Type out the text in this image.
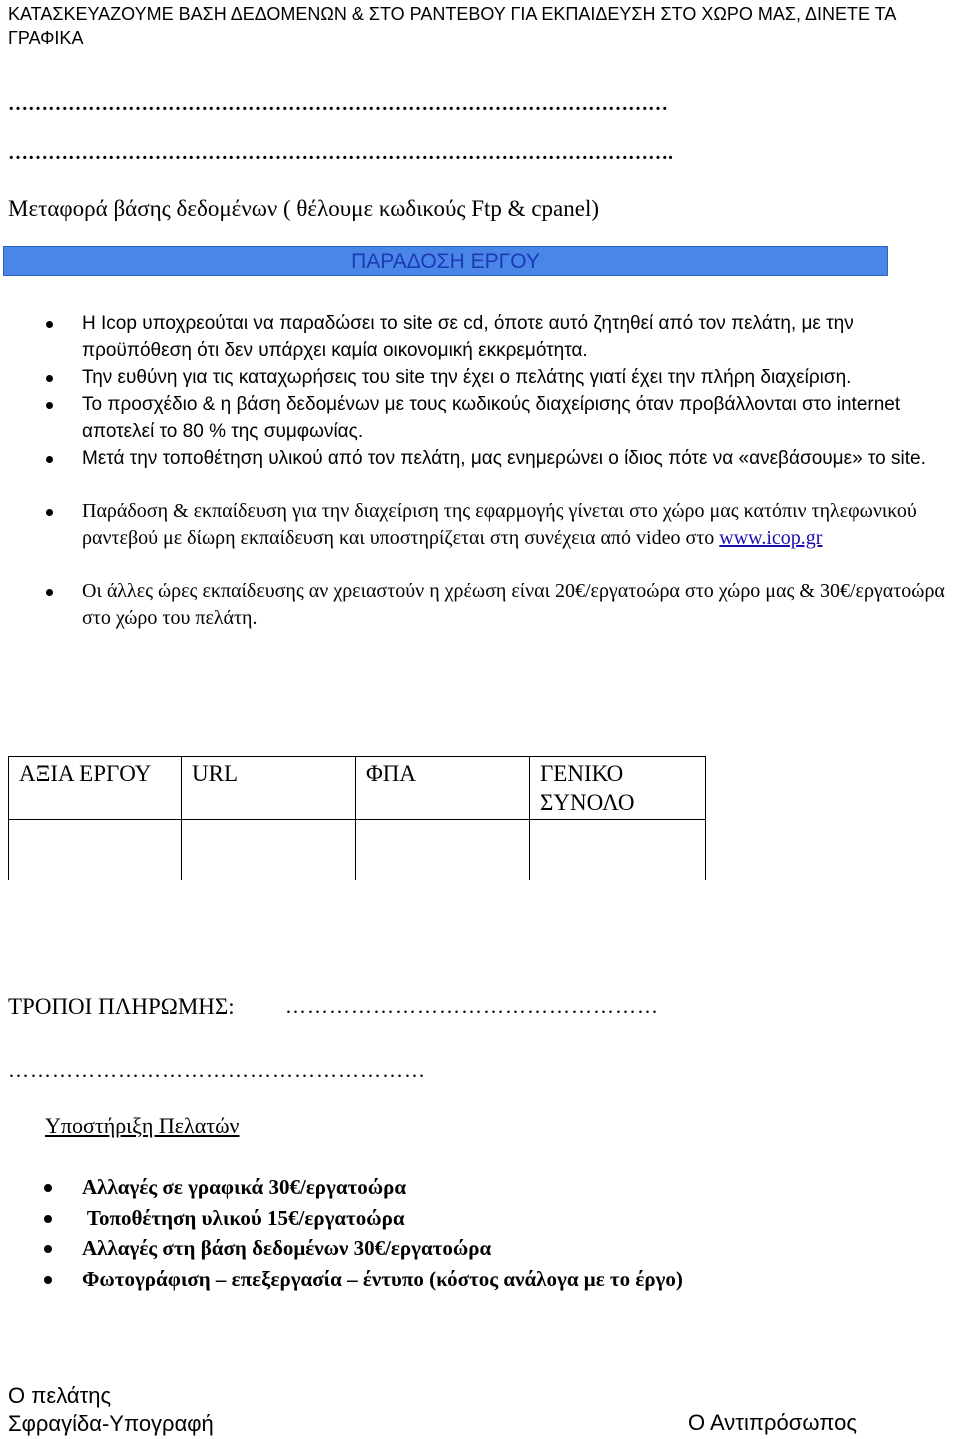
ΚΑΤΑΣΚΕΥΑΖΟΥΜΕ ΒΑΣΗ ΔΕΔΟΜΕΝΩΝ & ΣΤΟ ΡΑΝΤΕΒΟΥ ΓΙΑ ΕΚΠΑΙΔΕΥΣΗ ΣΤΟ ΧΩΡΟ ΜΑΣ, ΔΙΝΕΤΕ ΤΑ ΓΡΑΦΙΚΑ
………………………………………………………………………………………
……………………………………………………………………………………….
Μεταφορά βάσης δεδομένων ( θέλουμε κωδικούς Ftp & cpanel)
ΠΑΡΑΔΟΣΗ ΕΡΓΟΥ
Η Icop υποχρεούται να παραδώσει το site σε cd, όποτε αυτό ζητηθεί από τον πελάτη, με την προϋπόθεση ότι δεν υπάρχει καμία οικονομική εκκρεμότητα.
Την ευθύνη για τις καταχωρήσεις του site την έχει ο πελάτης γιατί έχει την πλήρη διαχείριση.
Το προσχέδιο & η βάση δεδομένων με τους κωδικούς διαχείρισης όταν προβάλλονται στο internet αποτελεί το 80 % της συμφωνίας.
Μετά την τοποθέτηση υλικού από τον πελάτη, μας ενημερώνει ο ίδιος πότε να «ανεβάσουμε» το site.
Παράδοση & εκπαίδευση για την διαχείριση της εφαρμογής γίνεται στο χώρο μας κατόπιν τηλεφωνικού ραντεβού με δίωρη εκπαίδευση και υποστηρίζεται στη συνέχεια από video στο www.icop.gr
Οι άλλες ώρες εκπαίδευσης αν χρειαστούν η χρέωση είναι 20€/εργατοώρα στο χώρο μας & 30€/εργατοώρα στο χώρο του πελάτη.
ΑΞΙΑ ΕΡΓΟΥ	URL	ΦΠΑ	ΓΕΝΙΚΟ ΣΥΝΟΛΟ

ΤΡΟΠΟΙ ΠΛΗΡΩΜΗΣ: ……………………………………………
…………………………………………………
Υποστήριξη Πελατών
Αλλαγές σε γραφικά 30€/εργατοώρα
Τοποθέτηση υλικού 15€/εργατοώρα
Αλλαγές στη βάση δεδομένων 30€/εργατοώρα
Φωτογράφιση – επεξεργασία – έντυπο (κόστος ανάλογα με το έργο)
Ο πελάτης
Σφραγίδα-Υπογραφή	Ο Αντιπρόσωπος
